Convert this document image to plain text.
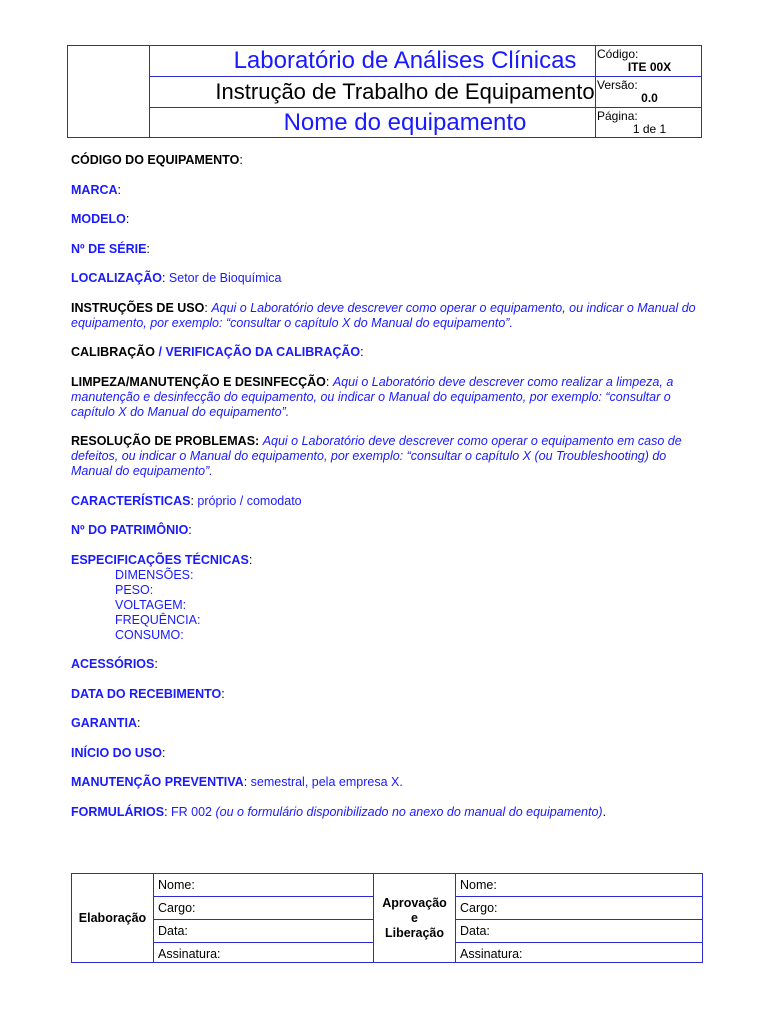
Laboratório de Análises Clínicas
Instrução de Trabalho de Equipamento
Nome do equipamento
Código:
ITE 00X
Versão:
0.0
Página:
1 de 1
CÓDIGO DO EQUIPAMENTO:
MARCA:
MODELO:
Nº DE SÉRIE:
LOCALIZAÇÃO: Setor de Bioquímica
INSTRUÇÕES DE USO: Aqui o Laboratório deve descrever como operar o equipamento, ou indicar o Manual do equipamento, por exemplo: “consultar o capítulo X do Manual do equipamento”.
CALIBRAÇÃO / VERIFICAÇÃO DA CALIBRAÇÃO:
LIMPEZA/MANUTENÇÃO E DESINFECÇÃO: Aqui o Laboratório deve descrever como realizar a limpeza, a manutenção e desinfecção do equipamento, ou indicar o Manual do equipamento, por exemplo: “consultar o capítulo X do Manual do equipamento”.
RESOLUÇÃO DE PROBLEMAS: Aqui o Laboratório deve descrever como operar o equipamento em caso de defeitos, ou indicar o Manual do equipamento, por exemplo: “consultar o capítulo X (ou Troubleshooting) do Manual do equipamento”.
CARACTERÍSTICAS: próprio / comodato
Nº DO PATRIMÔNIO:
ESPECIFICAÇÕES TÉCNICAS:
DIMENSÕES:
PESO:
VOLTAGEM:
FREQUÊNCIA:
CONSUMO:
ACESSÓRIOS:
DATA DO RECEBIMENTO:
GARANTIA:
INÍCIO DO USO:
MANUTENÇÃO PREVENTIVA: semestral, pela empresa X.
FORMULÁRIOS: FR 002 (ou o formulário disponibilizado no anexo do manual do equipamento).
Elaboração
Nome:
Cargo:
Data:
Assinatura:
Aprovação
e
Liberação
Nome:
Cargo:
Data:
Assinatura:
